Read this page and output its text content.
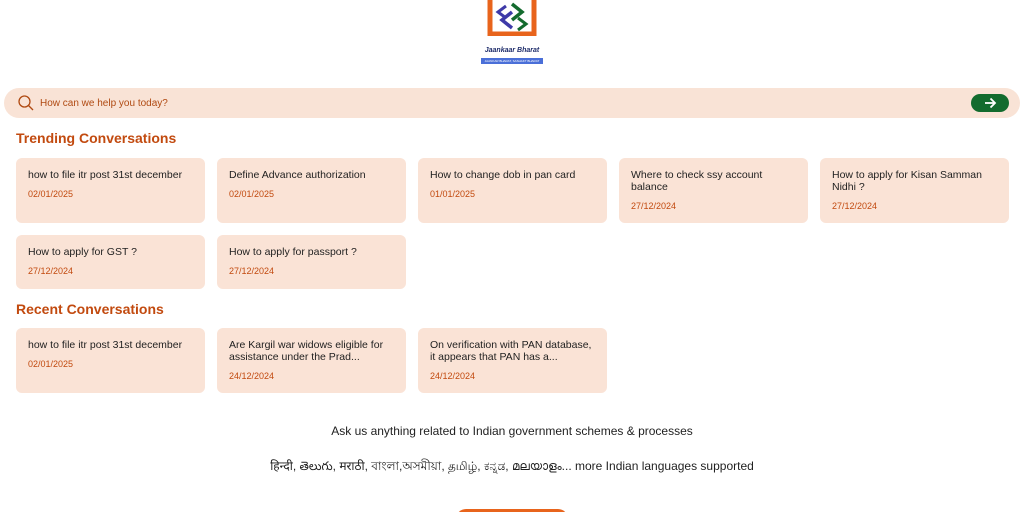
Jaankaar Bharat
JAANKAR BHARAT, SASHAKT BHARAT
How can we help you today?
Trending Conversations
how to file itr post 31st december
02/01/2025
Define Advance authorization
02/01/2025
How to change dob in pan card
01/01/2025
Where to check ssy account balance
27/12/2024
How to apply for Kisan Samman Nidhi ?
27/12/2024
How to apply for GST ?
27/12/2024
How to apply for passport ?
27/12/2024
Recent Conversations
how to file itr post 31st december
02/01/2025
Are Kargil war widows eligible for assistance under the Prad...
24/12/2024
On verification with PAN database, it appears that PAN has a...
24/12/2024
Ask us anything related to Indian government schemes & processes
हिन्दी, తెలుగు, मराठी, বাংলা,অসমীয়া, தமிழ், ಕನ್ನಡ, മലയാളം... more Indian languages supported
